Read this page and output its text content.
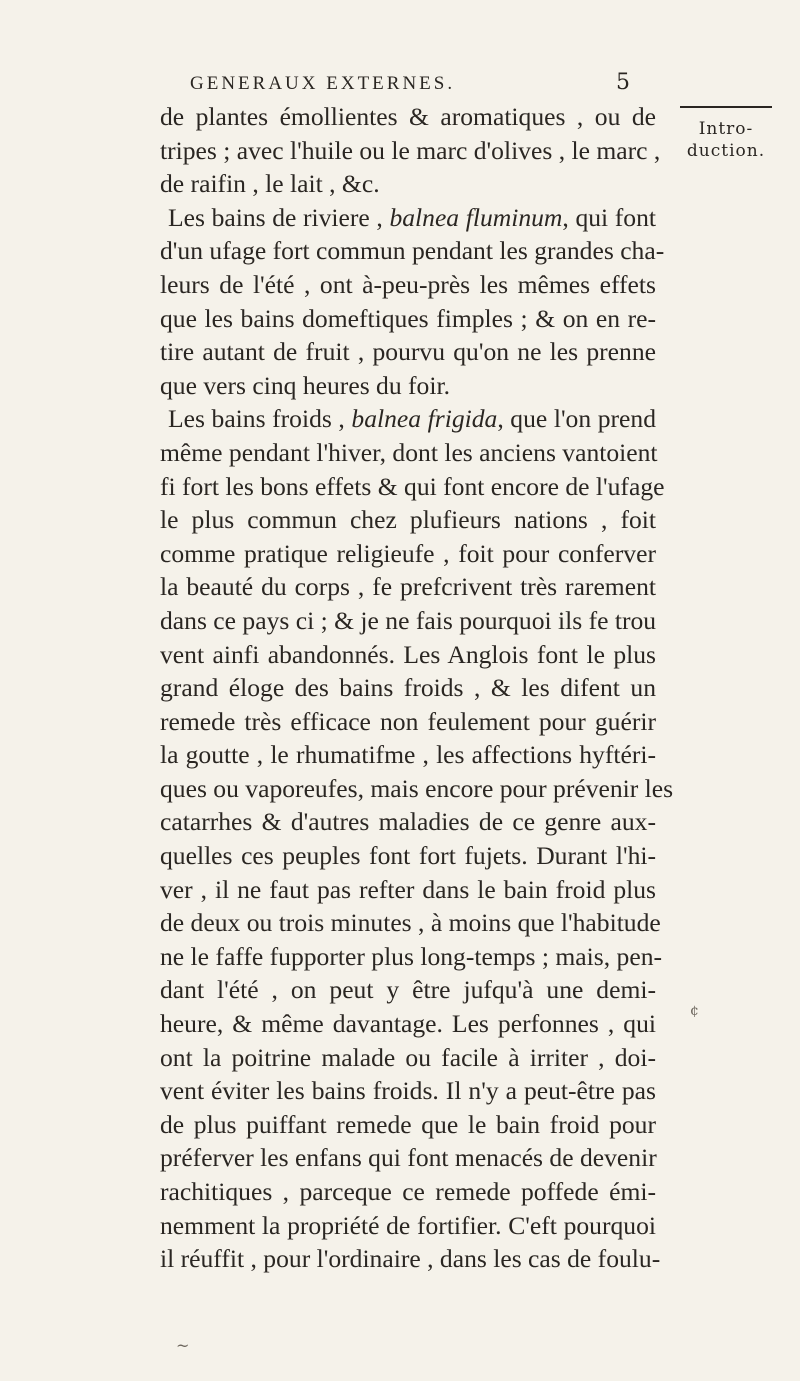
GENERAUX EXTERNES.	5
Intro-
duction.
de plantes émollientes & aromatiques , ou de
tripes ; avec l'huile ou le marc d'olives , le marc ,
de raifin , le lait , &c.
Les bains de riviere , balnea fluminum, qui font
d'un ufage fort commun pendant les grandes cha-
leurs de l'été , ont à-peu-près les mêmes effets
que les bains domeftiques fimples ; & on en re-
tire autant de fruit , pourvu qu'on ne les prenne
que vers cinq heures du foir.
Les bains froids , balnea frigida, que l'on prend
même pendant l'hiver, dont les anciens vantoient
fi fort les bons effets & qui font encore de l'ufage
le plus commun chez plufieurs nations , foit
comme pratique religieufe , foit pour conferver
la beauté du corps , fe prefcrivent très rarement
dans ce pays ci ; & je ne fais pourquoi ils fe trou
vent ainfi abandonnés. Les Anglois font le plus
grand éloge des bains froids , & les difent un
remede très efficace non feulement pour guérir
la goutte , le rhumatifme , les affections hyftéri-
ques ou vaporeufes, mais encore pour prévenir les
catarrhes & d'autres maladies de ce genre aux-
quelles ces peuples font fort fujets. Durant l'hi-
ver , il ne faut pas refter dans le bain froid plus
de deux ou trois minutes , à moins que l'habitude
ne le faffe fupporter plus long-temps ; mais, pen-
dant l'été , on peut y être jufqu'à une demi-
heure, & même davantage. Les perfonnes , qui
ont la poitrine malade ou facile à irriter , doi-
vent éviter les bains froids. Il n'y a peut-être pas
de plus puiffant remede que le bain froid pour
préferver les enfans qui font menacés de devenir
rachitiques , parceque ce remede poffede émi-
nemment la propriété de fortifier. C'eft pourquoi
il réuffit , pour l'ordinaire , dans les cas de foulu-
¢
~
